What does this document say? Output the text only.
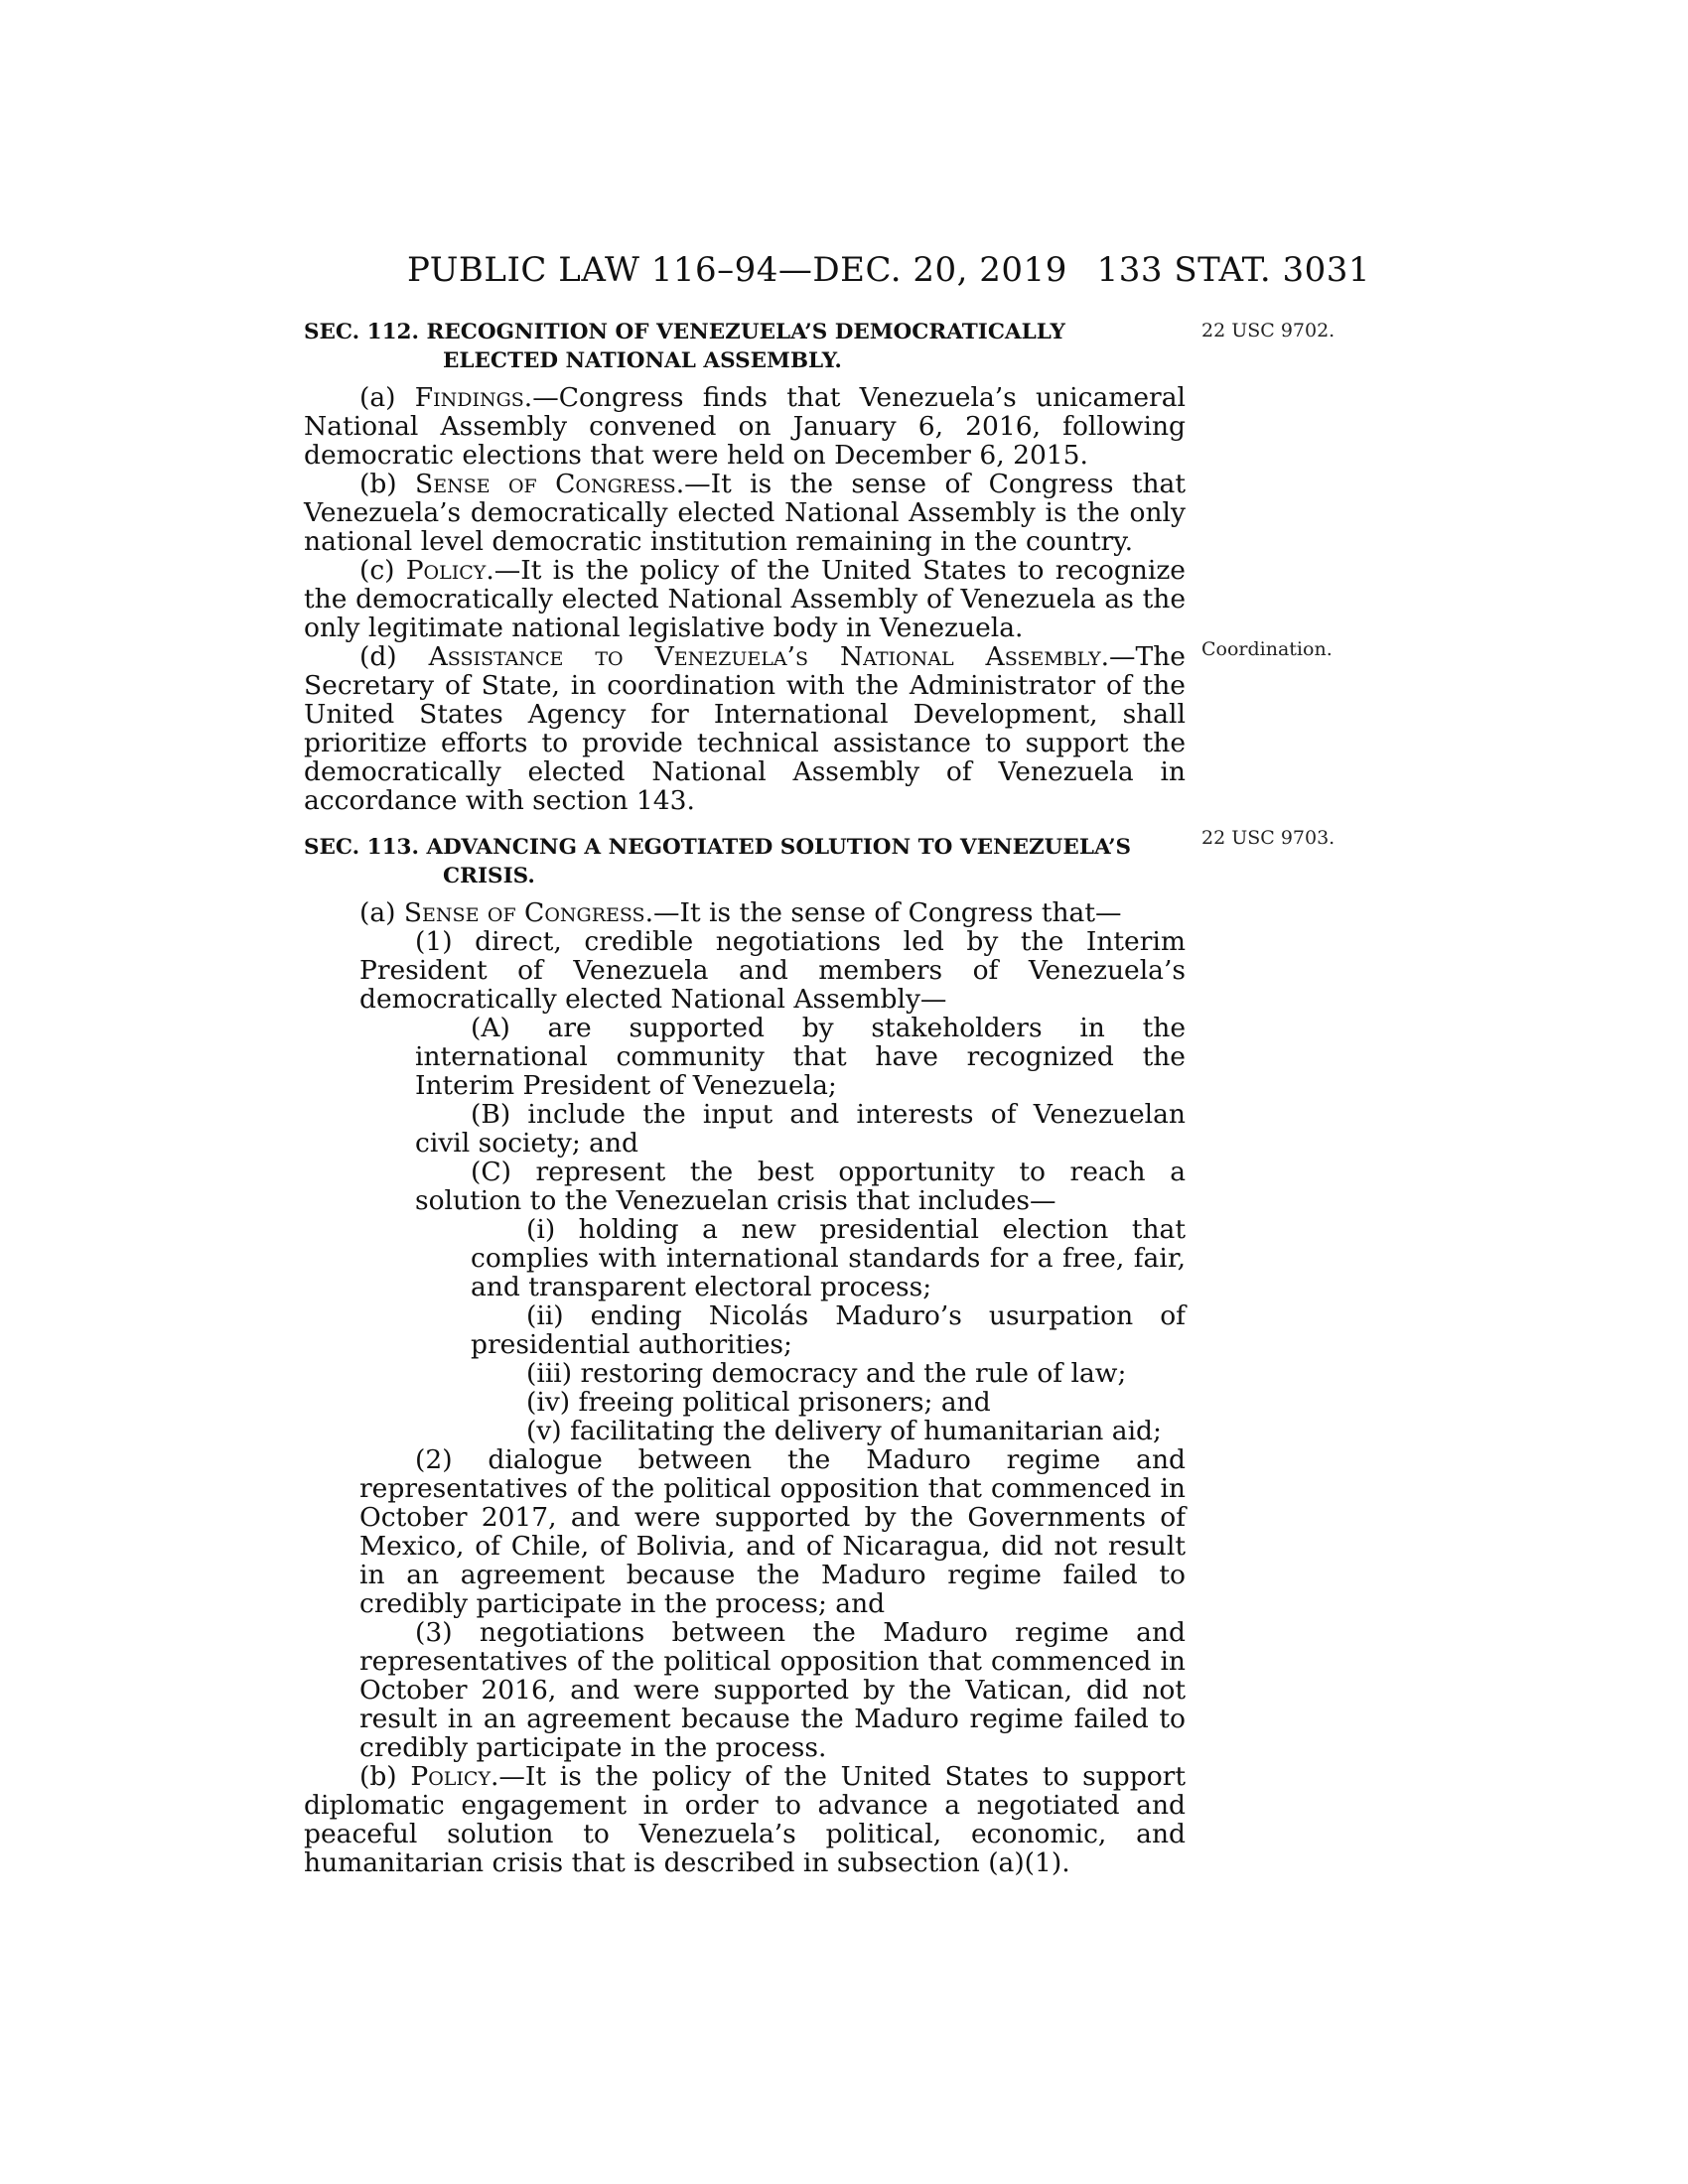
PUBLIC LAW 116–94—DEC. 20, 2019 133 STAT. 3031
22 USC 9702.
Coordination.
22 USC 9703.
SEC. 112. RECOGNITION OF VENEZUELA’S DEMOCRATICALLY ELECTED NATIONAL ASSEMBLY.

(a) Findings.—Congress finds that Venezuela’s unicameral National Assembly convened on January 6, 2016, following democratic elections that were held on December 6, 2015.

(b) Sense of Congress.—It is the sense of Congress that Venezuela’s democratically elected National Assembly is the only national level democratic institution remaining in the country.

(c) Policy.—It is the policy of the United States to recognize the democratically elected National Assembly of Venezuela as the only legitimate national legislative body in Venezuela.

(d) Assistance to Venezuela’s National Assembly.—The Secretary of State, in coordination with the Administrator of the United States Agency for International Development, shall prioritize efforts to provide technical assistance to support the democratically elected National Assembly of Venezuela in accordance with section 143.

SEC. 113. ADVANCING A NEGOTIATED SOLUTION TO VENEZUELA’S CRISIS.

(a) Sense of Congress.—It is the sense of Congress that—

(1) direct, credible negotiations led by the Interim President of Venezuela and members of Venezuela’s democratically elected National Assembly—

(A) are supported by stakeholders in the international community that have recognized the Interim President of Venezuela;

(B) include the input and interests of Venezuelan civil society; and

(C) represent the best opportunity to reach a solution to the Venezuelan crisis that includes—

(i) holding a new presidential election that complies with international standards for a free, fair, and transparent electoral process;

(ii) ending Nicolás Maduro’s usurpation of presidential authorities;

(iii) restoring democracy and the rule of law;

(iv) freeing political prisoners; and

(v) facilitating the delivery of humanitarian aid;

(2) dialogue between the Maduro regime and representatives of the political opposition that commenced in October 2017, and were supported by the Governments of Mexico, of Chile, of Bolivia, and of Nicaragua, did not result in an agreement because the Maduro regime failed to credibly participate in the process; and

(3) negotiations between the Maduro regime and representatives of the political opposition that commenced in October 2016, and were supported by the Vatican, did not result in an agreement because the Maduro regime failed to credibly participate in the process.

(b) Policy.—It is the policy of the United States to support diplomatic engagement in order to advance a negotiated and peaceful solution to Venezuela’s political, economic, and humanitarian crisis that is described in subsection (a)(1).
